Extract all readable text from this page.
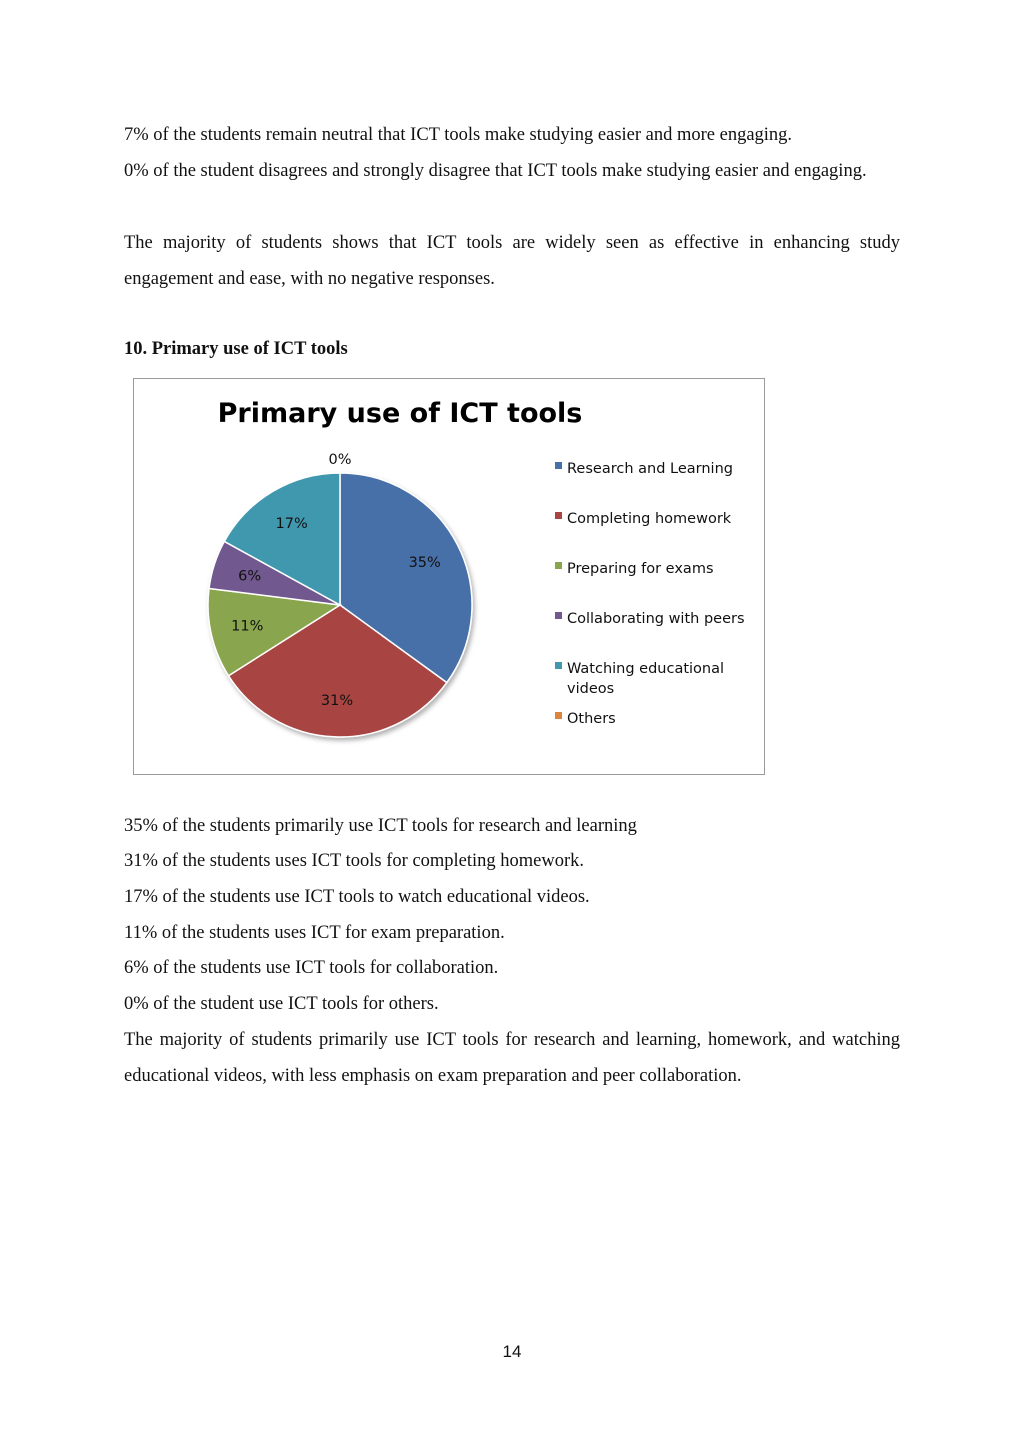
7% of the students remain neutral that ICT tools make studying easier and more engaging.

0% of the student disagrees and strongly disagree that ICT tools make studying easier and engaging.

The majority of students shows that ICT tools are widely seen as effective in enhancing study engagement and ease, with no negative responses.

10. Primary use of ICT tools

Primary use of ICT tools
35%
31%
11%
6%
17%
0%
Research and Learning
Completing homework
Preparing for exams
Collaborating with peers
Watching educational videos
Others

35% of the students primarily use ICT tools for research and learning

31% of the students uses ICT tools for completing homework.

17% of the students use ICT tools to watch educational videos.

11% of the students uses ICT for exam preparation.

6% of the students use ICT tools for collaboration.

0% of the student use ICT tools for others.

The majority of students primarily use ICT tools for research and learning, homework, and watching educational videos, with less emphasis on exam preparation and peer collaboration.

14
